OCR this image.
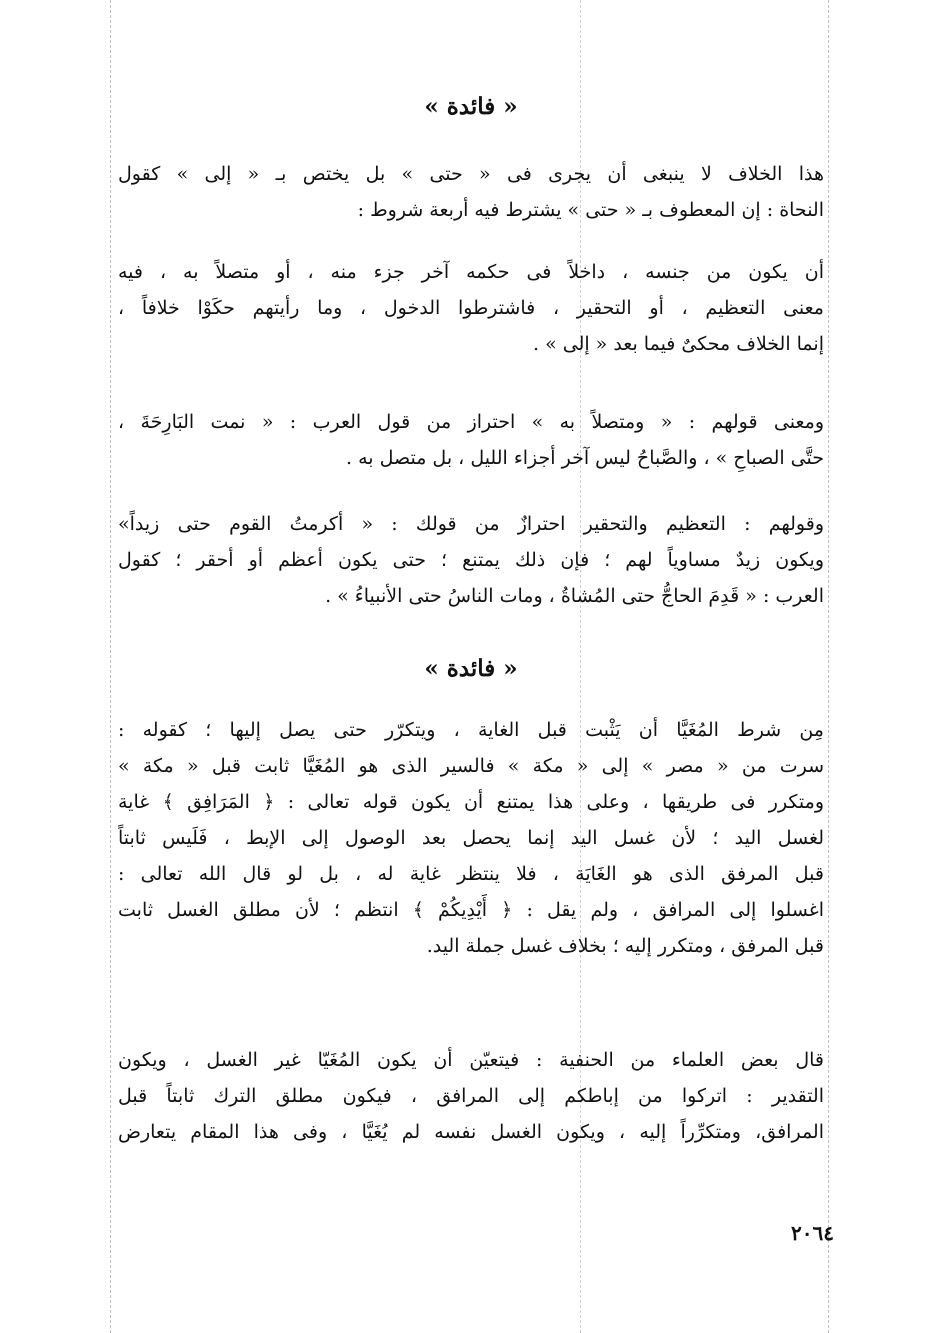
« فائدة »
هذا الخلاف لا ينبغى أن يجرى فى « حتى » بل يختص بـ « إلى » كقول
النحاة : إن المعطوف بـ « حتى » يشترط فيه أربعة شروط :
أن يكون من جنسه ، داخلاً فى حكمه آخر جزء منه ، أو متصلاً به ، فيه
معنى التعظيم ، أو التحقير ، فاشترطوا الدخول ، وما رأيتهم حكَوْا خلافاً ،
إنما الخلاف محكىٌ فيما بعد « إلى » .
ومعنى قولهم : « ومتصلاً به » احتراز من قول العرب : « نمت البَارِحَةَ ،
حتَّى الصباحِ » ، والصَّباحُ ليس آخر أجزاء الليل ، بل متصل به .
وقولهم : التعظيم والتحقير احترازٌ من قولك : « أكرمتُ القوم حتى زيداً»
ويكون زيدٌ مساوياً لهم ؛ فإن ذلك يمتنع ؛ حتى يكون أعظم أو أحقر ؛ كقول
العرب : « قَدِمَ الحاجُّ حتى المُشاةُ ، ومات الناسُ حتى الأنبياءُ » .
« فائدة »
مِن شرط المُغَيَّا أن يَثْبت قبل الغاية ، ويتكرّر حتى يصل إليها ؛ كقوله :
سرت من « مصر » إلى « مكة » فالسير الذى هو المُغَيَّا ثابت قبل « مكة »
ومتكرر فى طريقها ، وعلى هذا يمتنع أن يكون قوله تعالى : ﴿ المَرَافِق ﴾ غاية
لغسل اليد ؛ لأن غسل اليد إنما يحصل بعد الوصول إلى الإبط ، فَلَيس ثابتاً
قبل المرفق الذى هو الغَايَة ، فلا ينتظر غاية له ، بل لو قال الله تعالى :
اغسلوا إلى المرافق ، ولم يقل : ﴿ أَيْدِيكُمْ ﴾ انتظم ؛ لأن مطلق الغسل ثابت
قبل المرفق ، ومتكرر إليه ؛ بخلاف غسل جملة اليد.
قال بعض العلماء من الحنفية : فيتعيّن أن يكون المُغَيّا غير الغسل ، ويكون
التقدير : اتركوا من إباطكم إلى المرافق ، فيكون مطلق الترك ثابتاً قبل
المرافق، ومتكرِّراً إليه ، ويكون الغسل نفسه لم يُغَيَّا ، وفى هذا المقام يتعارض
٢٠٦٤
